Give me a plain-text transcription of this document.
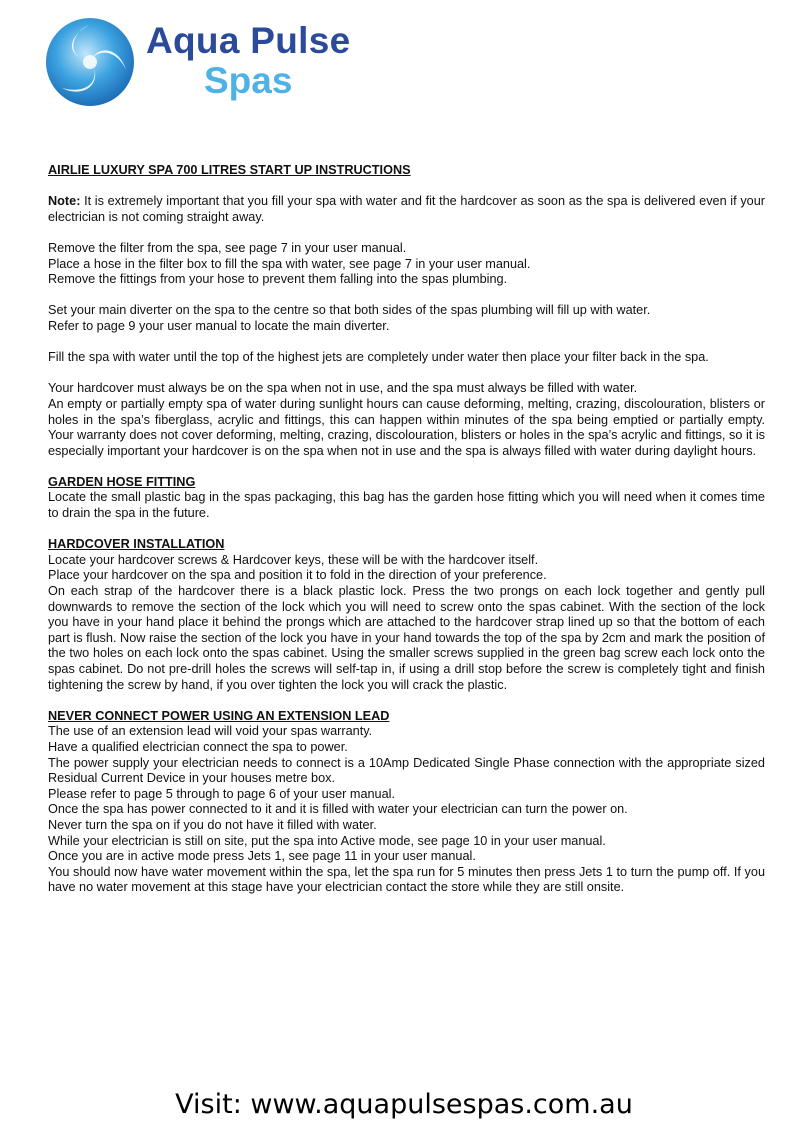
Aqua Pulse
Spas

AIRLIE LUXURY SPA 700 LITRES START UP INSTRUCTIONS

Note: It is extremely important that you fill your spa with water and fit the hardcover as soon as the spa is delivered even if your electrician is not coming straight away.

Remove the filter from the spa, see page 7 in your user manual.

Place a hose in the filter box to fill the spa with water, see page 7 in your user manual.

Remove the fittings from your hose to prevent them falling into the spas plumbing.

Set your main diverter on the spa to the centre so that both sides of the spas plumbing will fill up with water.

Refer to page 9 your user manual to locate the main diverter.

Fill the spa with water until the top of the highest jets are completely under water then place your filter back in the spa.

Your hardcover must always be on the spa when not in use, and the spa must always be filled with water.

An empty or partially empty spa of water during sunlight hours can cause deforming, melting, crazing, discolouration, blisters or holes in the spa’s fiberglass, acrylic and fittings, this can happen within minutes of the spa being emptied or partially empty. Your warranty does not cover deforming, melting, crazing, discolouration, blisters or holes in the spa’s acrylic and fittings, so it is especially important your hardcover is on the spa when not in use and the spa is always filled with water during daylight hours.

GARDEN HOSE FITTING

Locate the small plastic bag in the spas packaging, this bag has the garden hose fitting which you will need when it comes time to drain the spa in the future.

HARDCOVER INSTALLATION

Locate your hardcover screws & Hardcover keys, these will be with the hardcover itself.

Place your hardcover on the spa and position it to fold in the direction of your preference.

On each strap of the hardcover there is a black plastic lock. Press the two prongs on each lock together and gently pull downwards to remove the section of the lock which you will need to screw onto the spas cabinet. With the section of the lock you have in your hand place it behind the prongs which are attached to the hardcover strap lined up so that the bottom of each part is flush. Now raise the section of the lock you have in your hand towards the top of the spa by 2cm and mark the position of the two holes on each lock onto the spas cabinet. Using the smaller screws supplied in the green bag screw each lock onto the spas cabinet. Do not pre-drill holes the screws will self-tap in, if using a drill stop before the screw is completely tight and finish tightening the screw by hand, if you over tighten the lock you will crack the plastic.

NEVER CONNECT POWER USING AN EXTENSION LEAD

The use of an extension lead will void your spas warranty.

Have a qualified electrician connect the spa to power.

The power supply your electrician needs to connect is a 10Amp Dedicated Single Phase connection with the appropriate sized Residual Current Device in your houses metre box.

Please refer to page 5 through to page 6 of your user manual.

Once the spa has power connected to it and it is filled with water your electrician can turn the power on.

Never turn the spa on if you do not have it filled with water.

While your electrician is still on site, put the spa into Active mode, see page 10 in your user manual.

Once you are in active mode press Jets 1, see page 11 in your user manual.

You should now have water movement within the spa, let the spa run for 5 minutes then press Jets 1 to turn the pump off. If you have no water movement at this stage have your electrician contact the store while they are still onsite.

Visit: www.aquapulsespas.com.au
